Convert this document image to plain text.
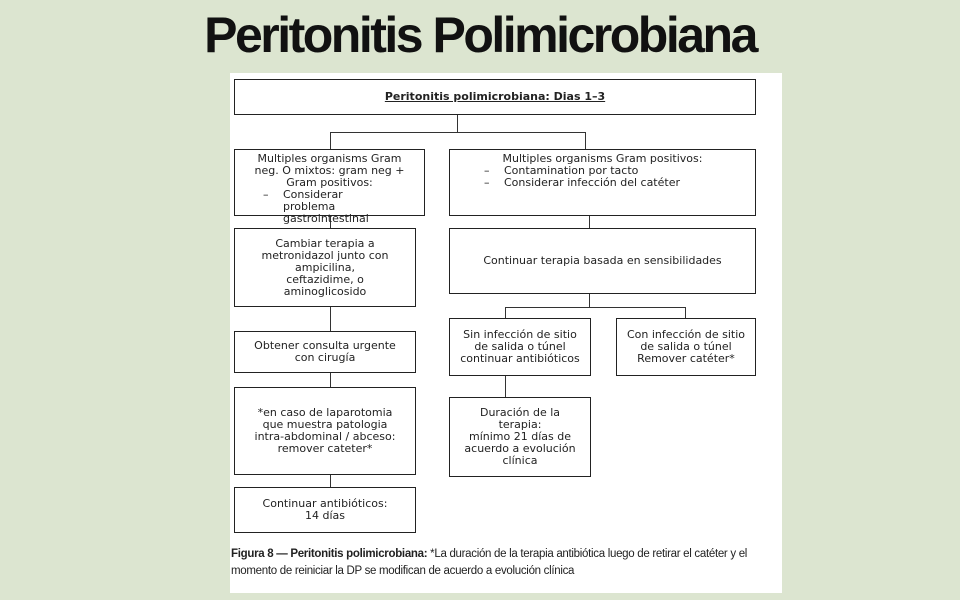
Peritonitis Polimicrobiana
Peritonitis polimicrobiana: Dias 1–3
Multiples organisms Gram
neg. O mixtos: gram neg +
Gram positivos:
– Considerar
problema
gastrointestinal
Cambiar terapia a
metronidazol junto con
ampicilina,
ceftazidime, o
aminoglicosido
Obtener consulta urgente
con cirugía
*en caso de laparotomia
que muestra patologia
intra-abdominal / abceso:
remover cateter*
Continuar antibióticos:
14 días
Multiples organisms Gram positivos:
– Contamination por tacto
– Considerar infección del catéter
Continuar terapia basada en sensibilidades
Sin infección de sitio
de salida o túnel
continuar antibióticos
Con infección de sitio
de salida o túnel
Remover catéter*
Duración de la
terapia:
mínimo 21 días de
acuerdo a evolución
clínica
Figura 8 — Peritonitis polimicrobiana: *La duración de la terapia antibiótica luego de retirar el catéter y el momento de reiniciar la DP se modifican de acuerdo a evolución clínica
